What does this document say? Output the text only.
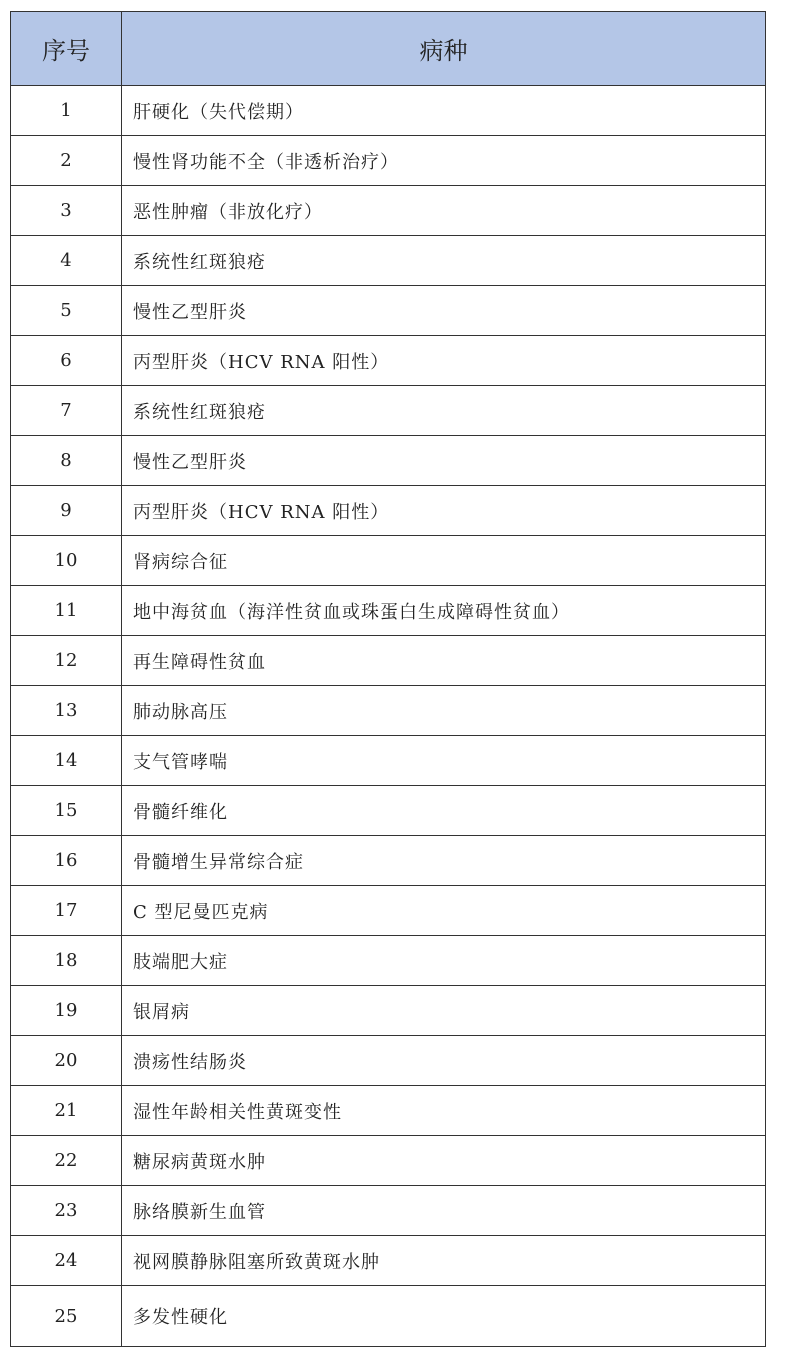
序号	病种
1	肝硬化（失代偿期）
2	慢性肾功能不全（非透析治疗）
3	恶性肿瘤（非放化疗）
4	系统性红斑狼疮
5	慢性乙型肝炎
6	丙型肝炎（HCV RNA 阳性）
7	系统性红斑狼疮
8	慢性乙型肝炎
9	丙型肝炎（HCV RNA 阳性）
10	肾病综合征
11	地中海贫血（海洋性贫血或珠蛋白生成障碍性贫血）
12	再生障碍性贫血
13	肺动脉高压
14	支气管哮喘
15	骨髓纤维化
16	骨髓增生异常综合症
17	C 型尼曼匹克病
18	肢端肥大症
19	银屑病
20	溃疡性结肠炎
21	湿性年龄相关性黄斑变性
22	糖尿病黄斑水肿
23	脉络膜新生血管
24	视网膜静脉阻塞所致黄斑水肿
25	多发性硬化
